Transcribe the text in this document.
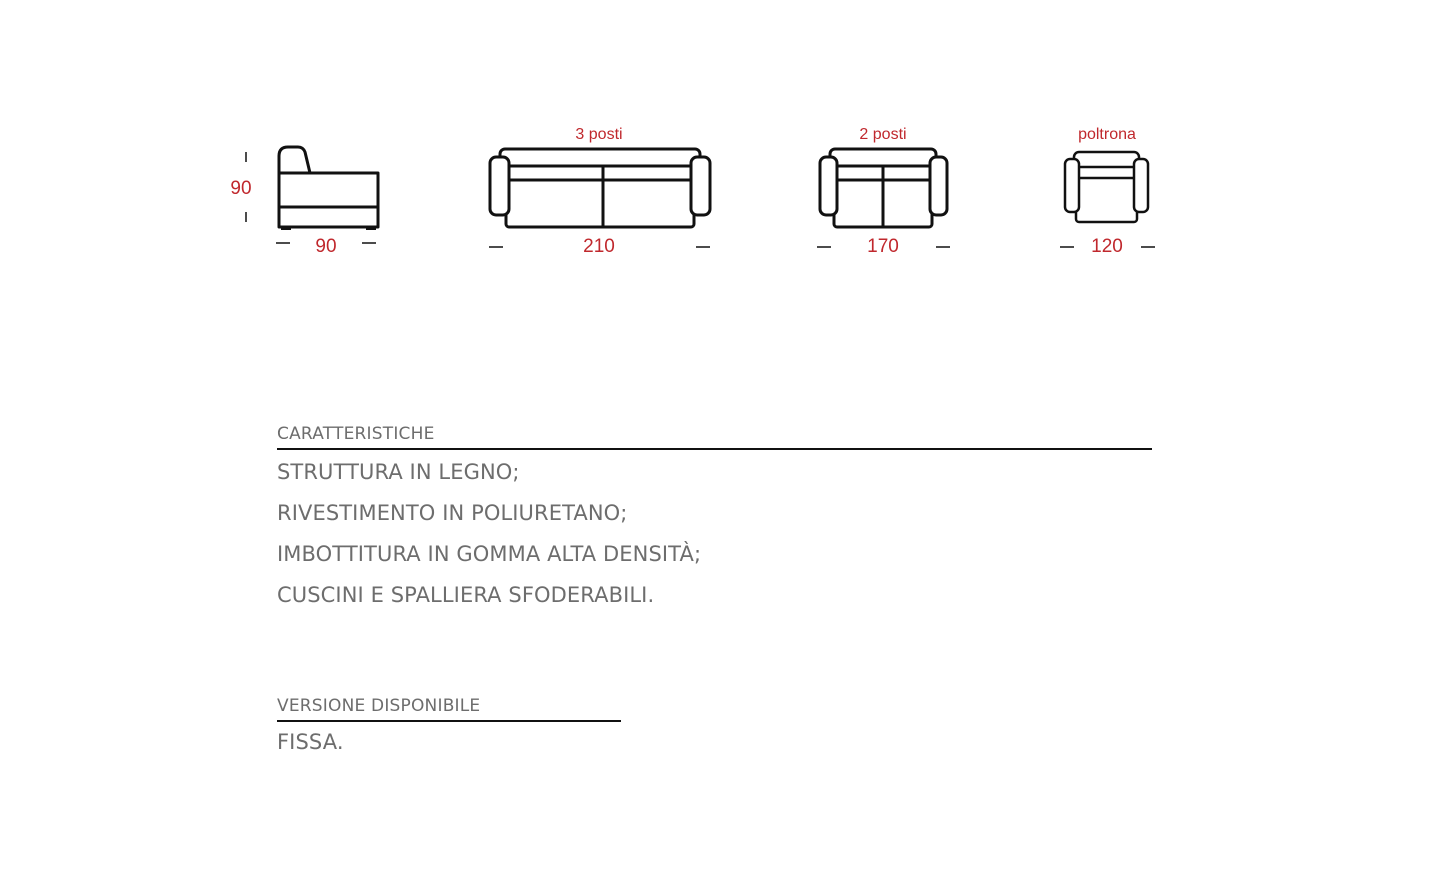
90
90
3 posti
210
2 posti
170
poltrona
120
CARATTERISTICHE
STRUTTURA IN LEGNO;
RIVESTIMENTO IN POLIURETANO;
IMBOTTITURA IN GOMMA ALTA DENSITÀ;
CUSCINI E SPALLIERA SFODERABILI.
VERSIONE DISPONIBILE
FISSA.
